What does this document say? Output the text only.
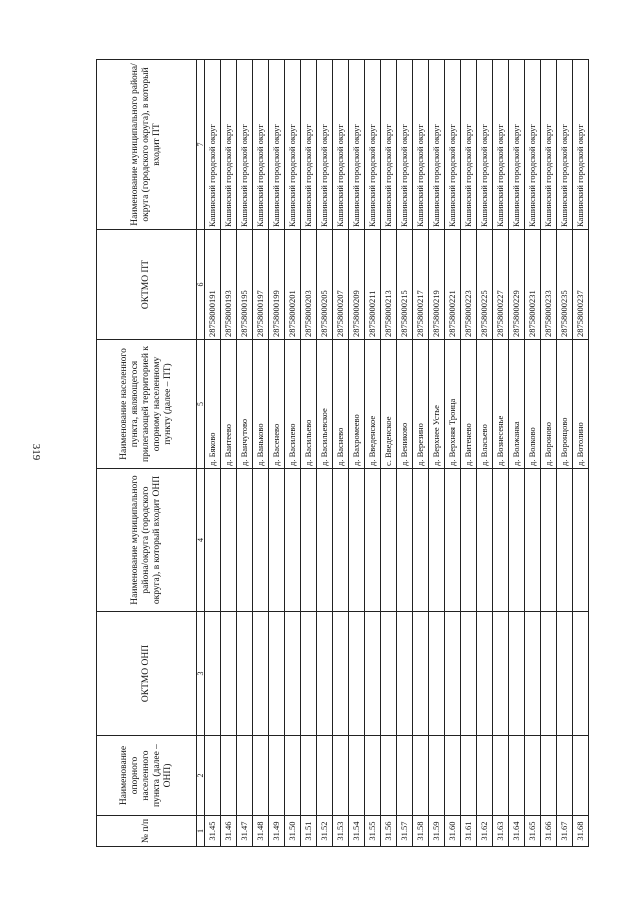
319
№ п/п	Наименование опорного населенного пункта (далее – ОНП)	ОКТМО ОНП	Наименование муниципального района/округа (городского округа), в который входит ОНП	Наименование населенного пункта, являющегося прилегающей территорией к опорному населенному пункту (далее – ПТ)	ОКТМО ПТ	Наименование муниципального района/округа (городского округа), в который входит ПТ
1	2	3	4	5	6	7
31.45				д. Бяково	28758000191	Кашинский городской округ
31.46				д. Ваитеево	28758000193	Кашинский городской округ
31.47				д. Ванчутово	28758000195	Кашинский городской округ
31.48				д. Ваньково	28758000197	Кашинский городской округ
31.49				д. Васенево	28758000199	Кашинский городской округ
31.50				д. Василево	28758000201	Кашинский городской округ
31.51				д. Васильево	28758000203	Кашинский городской округ
31.52				д. Васильевское	28758000205	Кашинский городской округ
31.53				д. Васнево	28758000207	Кашинский городской округ
31.54				д. Вахромеево	28758000209	Кашинский городской округ
31.55				д. Введенское	28758000211	Кашинский городской округ
31.56				с. Введенское	28758000213	Кашинский городской округ
31.57				д. Вениково	28758000215	Кашинский городской округ
31.58				д. Верезино	28758000217	Кашинский городской округ
31.59				д. Верхнее Устье	28758000219	Кашинский городской округ
31.60				д. Верхняя Троица	28758000221	Кашинский городской округ
31.61				д. Витенево	28758000223	Кашинский городской округ
31.62				д. Власьево	28758000225	Кашинский городской округ
31.63				д. Вознесенье	28758000227	Кашинский городской округ
31.64				д. Волжанка	28758000229	Кашинский городской округ
31.65				д. Волково	28758000231	Кашинский городской округ
31.66				д. Вороново	28758000233	Кашинский городской округ
31.67				д. Воронцово	28758000235	Кашинский городской округ
31.68				д. Вотолино	28758000237	Кашинский городской округ
